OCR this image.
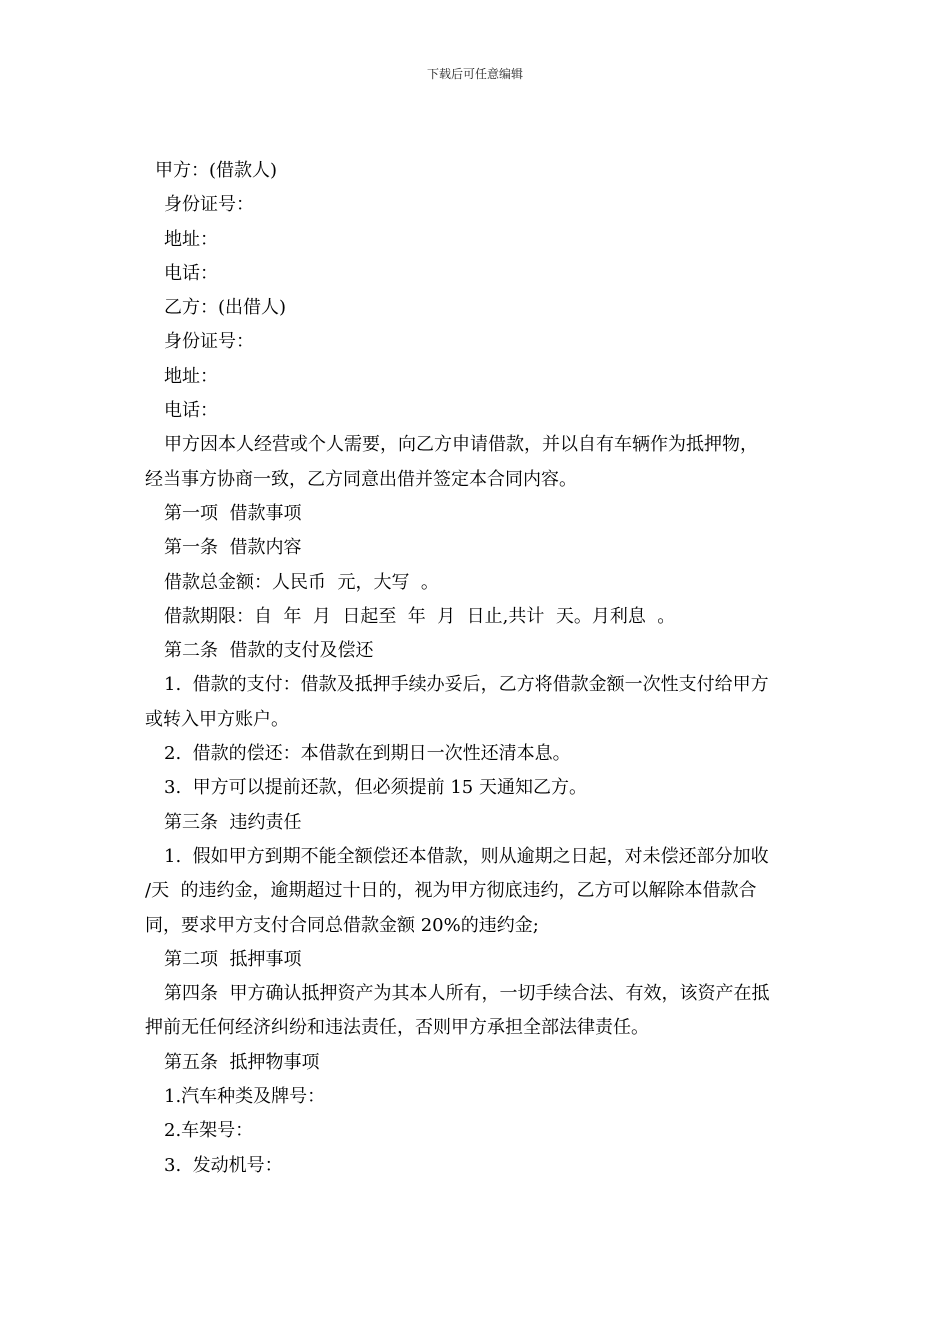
下载后可任意编辑
甲方：(借款人)
身份证号：
地址：
电话：
乙方：(出借人)
身份证号：
地址：
电话：
甲方因本人经营或个人需要，向乙方申请借款，并以自有车辆作为抵押物，
经当事方协商一致，乙方同意出借并签定本合同内容。
第一项  借款事项
第一条  借款内容
借款总金额：人民币  元，大写  。
借款期限：自  年  月  日起至  年  月  日止,共计  天。月利息  。
第二条  借款的支付及偿还
1.  借款的支付：借款及抵押手续办妥后，乙方将借款金额一次性支付给甲方
或转入甲方账户。
2.  借款的偿还：本借款在到期日一次性还清本息。
3.  甲方可以提前还款，但必须提前 15 天通知乙方。
第三条  违约责任
1.  假如甲方到期不能全额偿还本借款，则从逾期之日起，对未偿还部分加收
/天  的违约金，逾期超过十日的，视为甲方彻底违约，乙方可以解除本借款合
同，要求甲方支付合同总借款金额 20%的违约金;
第二项  抵押事项
第四条  甲方确认抵押资产为其本人所有，一切手续合法、有效，该资产在抵
押前无任何经济纠纷和违法责任，否则甲方承担全部法律责任。
第五条  抵押物事项
1.汽车种类及牌号：
2.车架号：
3.  发动机号：
